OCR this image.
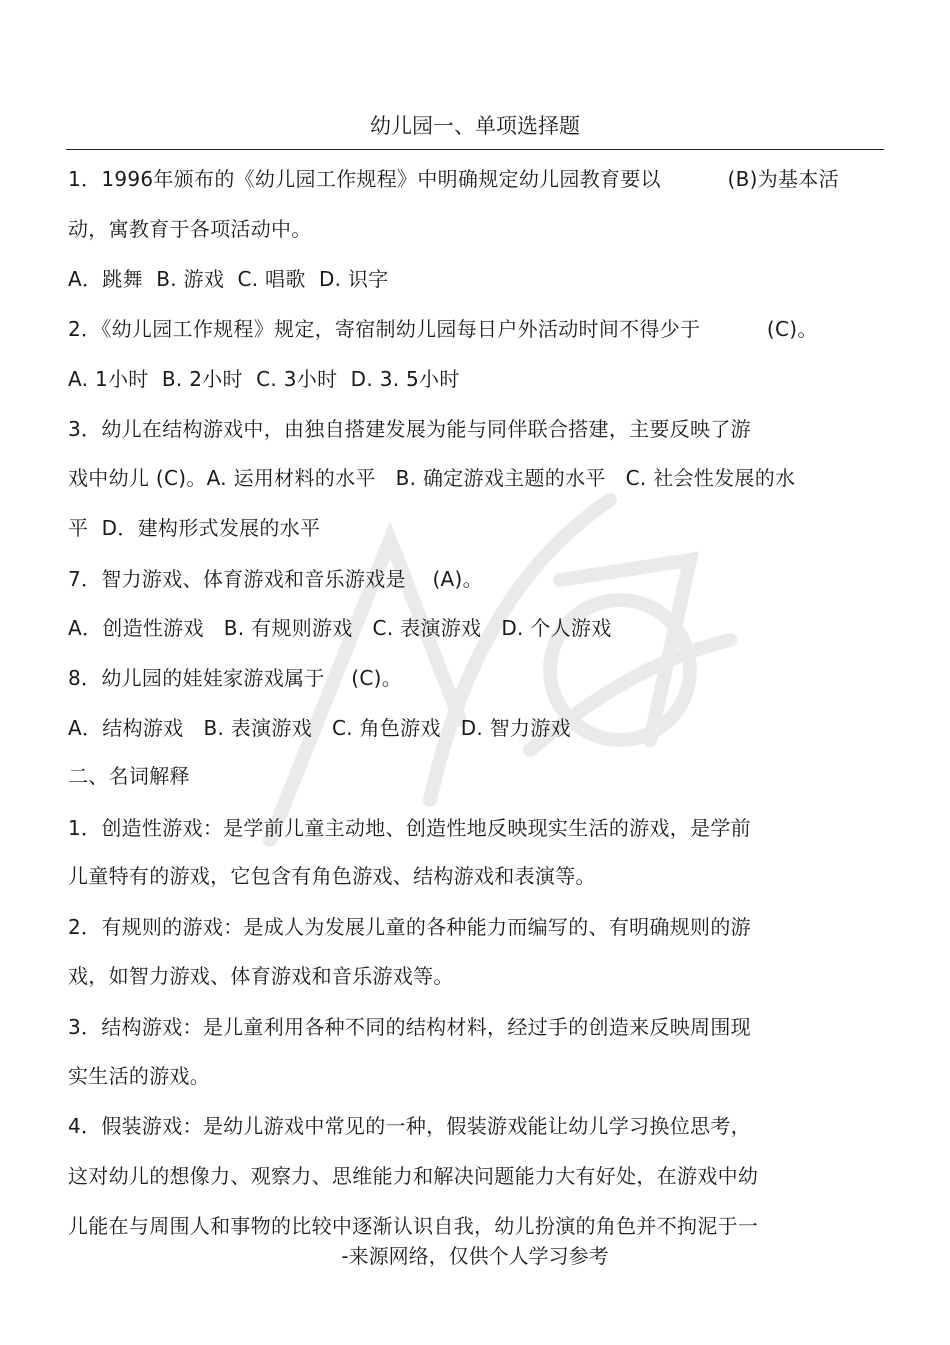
幼儿园一、单项选择题
1．1996年颁布的《幼儿园工作规程》中明确规定幼儿园教育要以          (B)为基本活
动，寓教育于各项活动中。
A．跳舞  B. 游戏  C. 唱歌  D. 识字
2．《幼儿园工作规程》规定，寄宿制幼儿园每日户外活动时间不得少于          (C)。
A. 1小时  B. 2小时  C. 3小时  D. 3. 5小时
3．幼儿在结构游戏中，由独自搭建发展为能与同伴联合搭建，主要反映了游
戏中幼儿 (C)。A. 运用材料的水平   B. 确定游戏主题的水平   C. 社会性发展的水
平  D．建构形式发展的水平
7．智力游戏、体育游戏和音乐游戏是    (A)。
A．创造性游戏   B. 有规则游戏   C. 表演游戏   D. 个人游戏
8．幼儿园的娃娃家游戏属于    (C)。
A．结构游戏   B. 表演游戏   C. 角色游戏   D. 智力游戏
二、名词解释
1．创造性游戏：是学前儿童主动地、创造性地反映现实生活的游戏，是学前
儿童特有的游戏，它包含有角色游戏、结构游戏和表演等。
2．有规则的游戏：是成人为发展儿童的各种能力而编写的、有明确规则的游
戏，如智力游戏、体育游戏和音乐游戏等。
3．结构游戏：是儿童利用各种不同的结构材料，经过手的创造来反映周围现
实生活的游戏。
4．假装游戏：是幼儿游戏中常见的一种，假装游戏能让幼儿学习换位思考，
这对幼儿的想像力、观察力、思维能力和解决问题能力大有好处，在游戏中幼
儿能在与周围人和事物的比较中逐渐认识自我，幼儿扮演的角色并不拘泥于一
-来源网络，仅供个人学习参考
